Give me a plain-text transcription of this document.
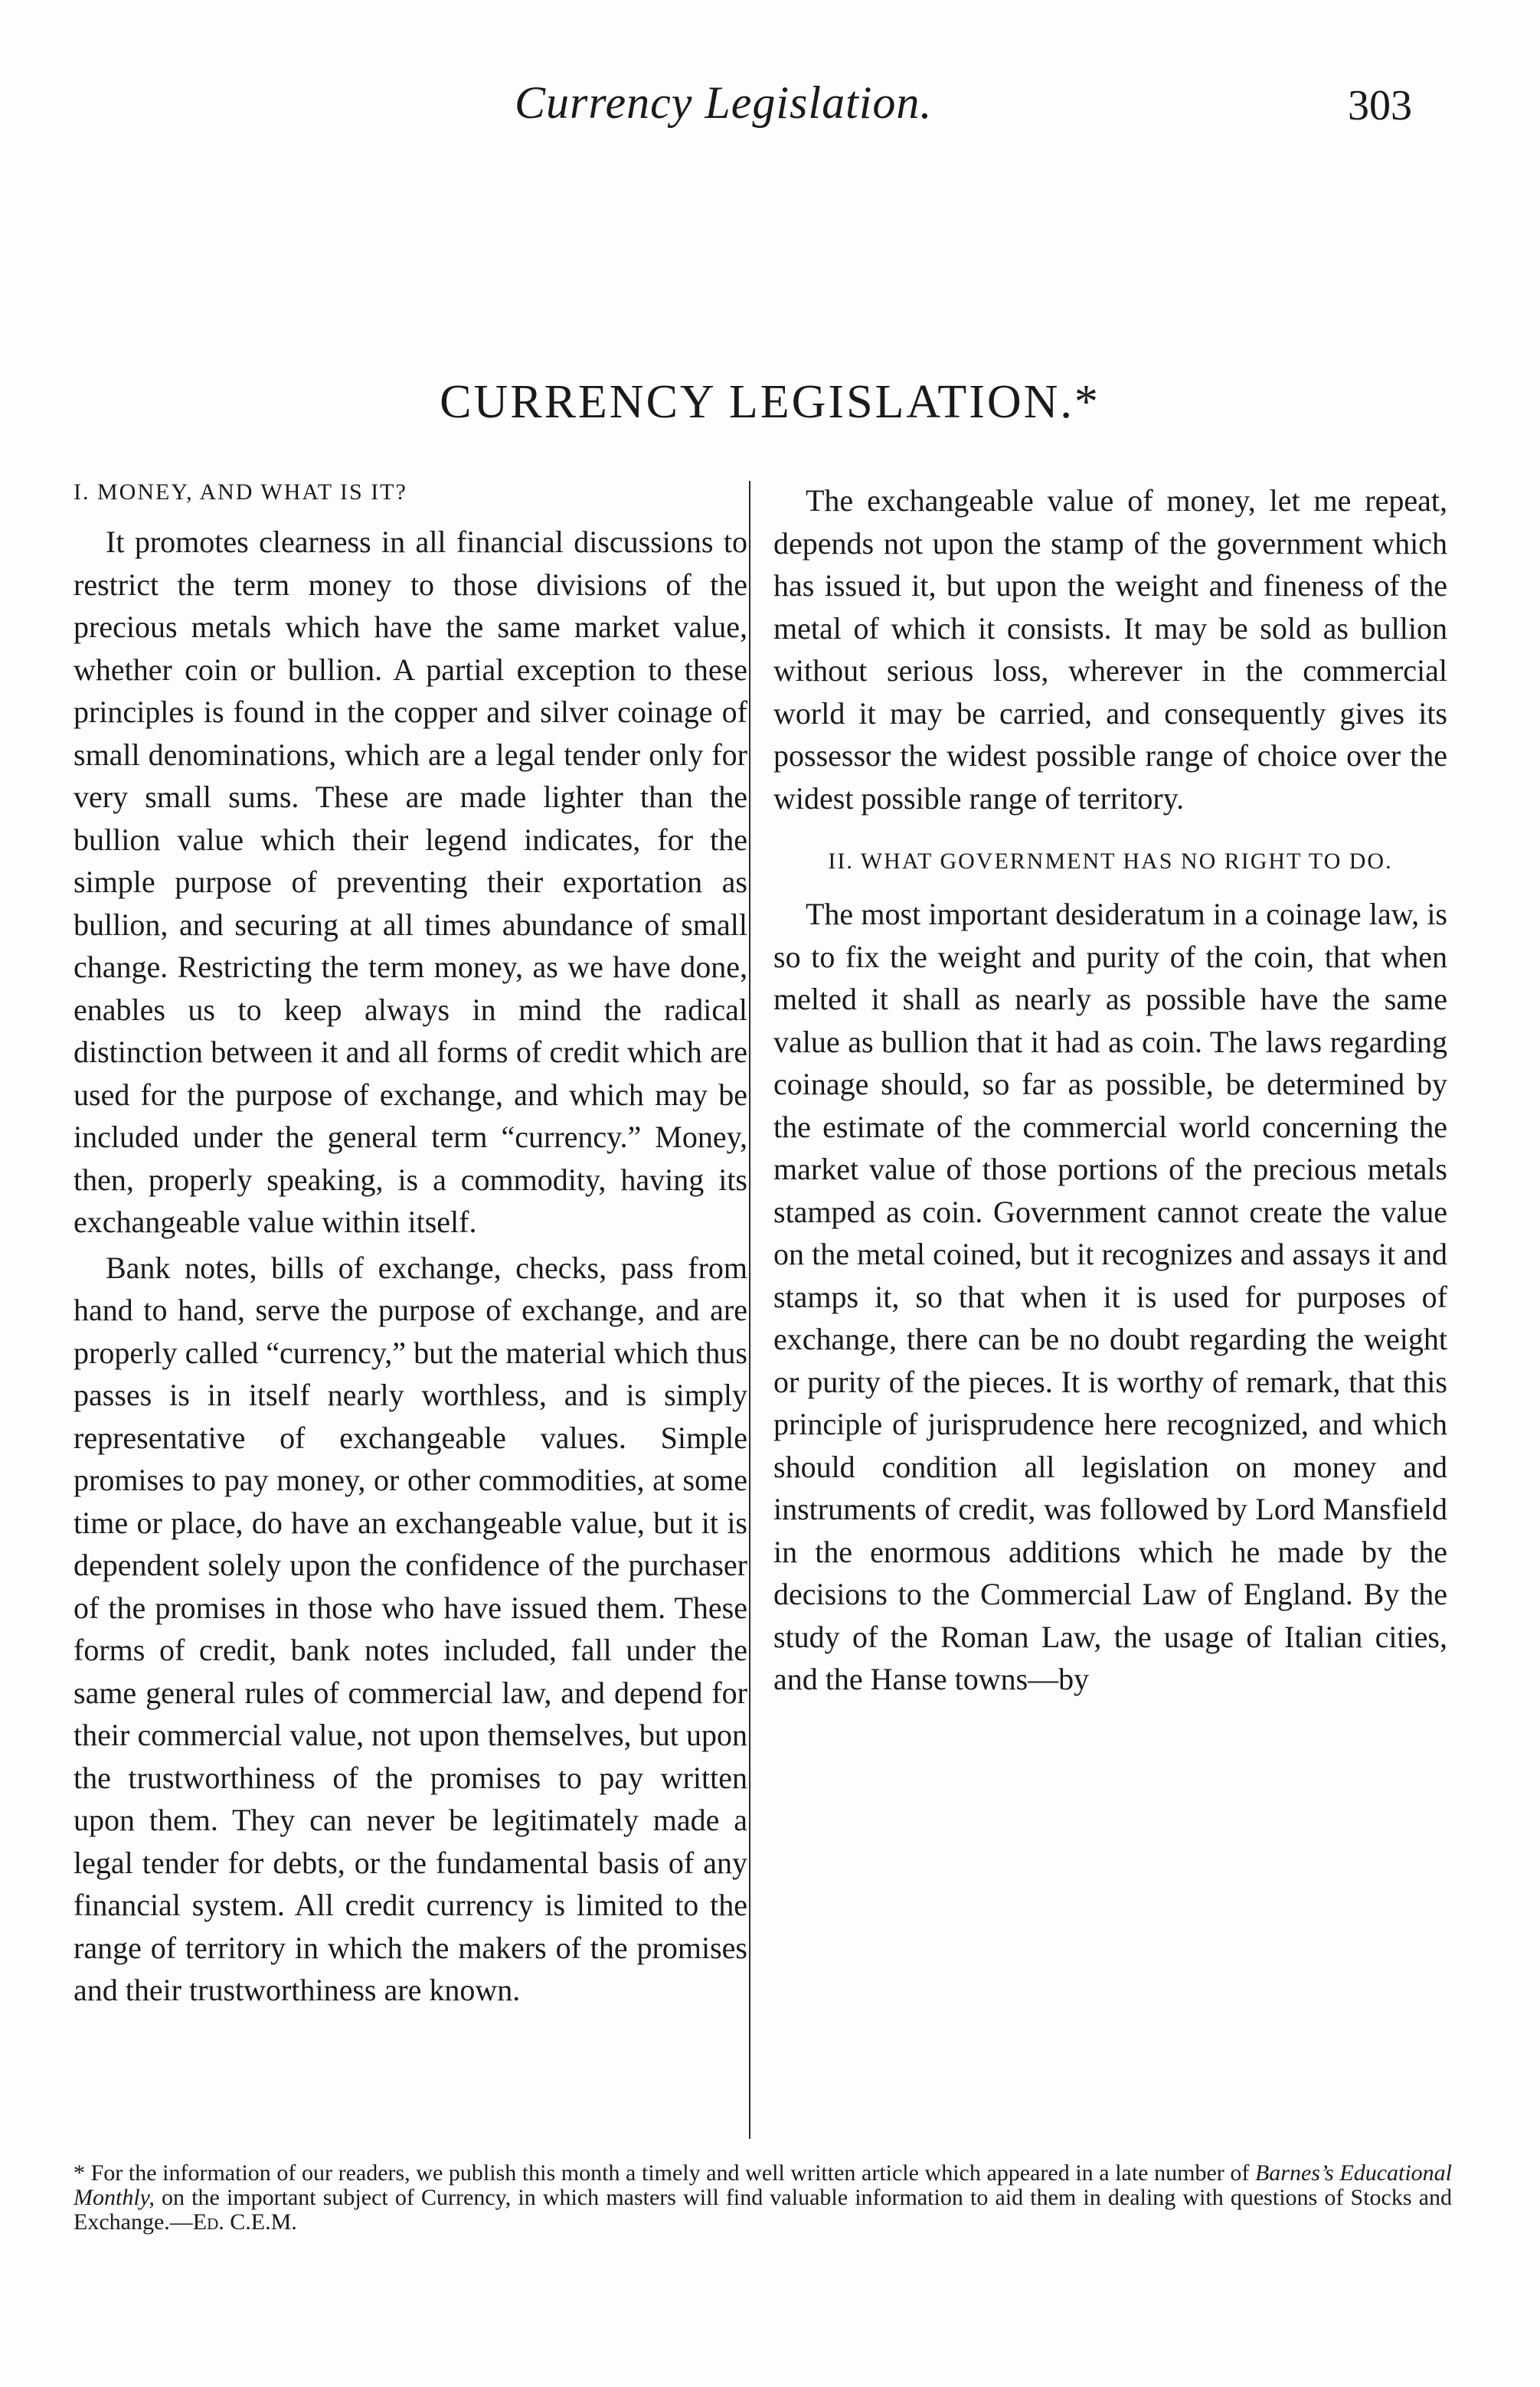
Currency Legislation.	303
CURRENCY LEGISLATION.*
I. MONEY, AND WHAT IS IT?

It promotes clearness in all financial discussions to restrict the term money to those divisions of the precious metals which have the same market value, whether coin or bullion. A partial exception to these principles is found in the copper and silver coinage of small denominations, which are a legal tender only for very small sums. These are made lighter than the bullion value which their legend indicates, for the simple purpose of preventing their exportation as bullion, and securing at all times abundance of small change. Restricting the term money, as we have done, enables us to keep always in mind the radical distinction between it and all forms of credit which are used for the purpose of exchange, and which may be included under the general term “currency.” Money, then, properly speaking, is a commodity, having its exchangeable value within itself.

Bank notes, bills of exchange, checks, pass from hand to hand, serve the purpose of exchange, and are properly called “currency,” but the material which thus passes is in itself nearly worthless, and is simply representative of exchangeable values. Simple promises to pay money, or other commodities, at some time or place, do have an exchangeable value, but it is dependent solely upon the confidence of the purchaser of the promises in those who have issued them. These forms of credit, bank notes included, fall under the same general rules of commercial law, and depend for their commercial value, not upon themselves, but upon the trustworthiness of the promises to pay written upon them. They can never be legitimately made a legal tender for debts, or the fundamental basis of any financial system. All credit currency is limited to the range of territory in which the makers of the promises and their trustworthiness are known.

The exchangeable value of money, let me repeat, depends not upon the stamp of the government which has issued it, but upon the weight and fineness of the metal of which it consists. It may be sold as bullion without serious loss, wherever in the commercial world it may be carried, and consequently gives its possessor the widest possible range of choice over the widest possible range of territory.

II. WHAT GOVERNMENT HAS NO RIGHT TO DO.

The most important desideratum in a coinage law, is so to fix the weight and purity of the coin, that when melted it shall as nearly as possible have the same value as bullion that it had as coin. The laws regarding coinage should, so far as possible, be determined by the estimate of the commercial world concerning the market value of those portions of the precious metals stamped as coin. Government cannot create the value on the metal coined, but it recognizes and assays it and stamps it, so that when it is used for purposes of exchange, there can be no doubt regarding the weight or purity of the pieces. It is worthy of remark, that this principle of jurisprudence here recognized, and which should condition all legislation on money and instruments of credit, was followed by Lord Mansfield in the enormous additions which he made by the decisions to the Commercial Law of England. By the study of the Roman Law, the usage of Italian cities, and the Hanse towns—by

* For the information of our readers, we publish this month a timely and well written article which appeared in a late number of Barnes’s Educational Monthly, on the important subject of Currency, in which masters will find valuable information to aid them in dealing with questions of Stocks and Exchange.—Ed. C.E.M.
